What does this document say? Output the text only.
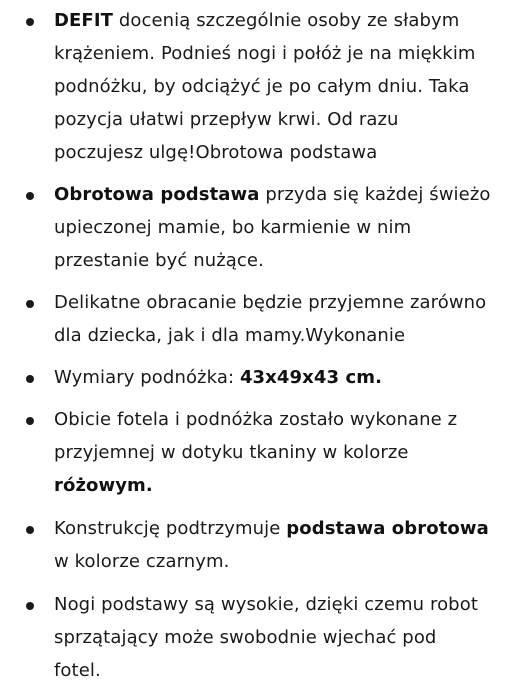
DEFIT docenią szczególnie osoby ze słabym
krążeniem. Podnieś nogi i połóż je na miękkim
podnóżku, by odciążyć je po całym dniu. Taka
pozycja ułatwi przepływ krwi. Od razu
poczujesz ulgę!Obrotowa podstawa
Obrotowa podstawa przyda się każdej świeżo
upieczonej mamie, bo karmienie w nim
przestanie być nużące.
Delikatne obracanie będzie przyjemne zarówno
dla dziecka, jak i dla mamy.Wykonanie
Wymiary podnóżka: 43x49x43 cm.
Obicie fotela i podnóżka zostało wykonane z
przyjemnej w dotyku tkaniny w kolorze
różowym.
Konstrukcję podtrzymuje podstawa obrotowa
w kolorze czarnym.
Nogi podstawy są wysokie, dzięki czemu robot
sprzątający może swobodnie wjechać pod
fotel.
